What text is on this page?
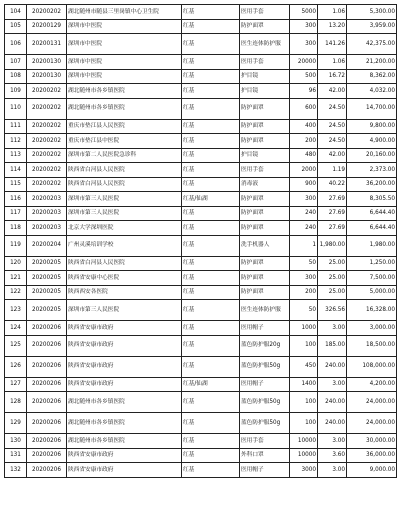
104	20200202	湖北随州市随县三里岗镇中心卫生院	红基	医用手套	5000	1.06	5,300.00
105	20200129	深圳市中医院	红基	防护面罩	300	13.20	3,959.00
106	20200131	深圳市中医院	红基	医生连体防护服	300	141.26	42,375.00
107	20200130	深圳市中医院	红基	医用手套	20000	1.06	21,200.00
108	20200130	深圳市中医院	红基	护目镜	500	16.72	8,362.00
109	20200202	湖北随州市各乡镇医院	红基	护目镜	96	42.00	4,032.00
110	20200202	湖北随州市各乡镇医院	红基	防护面罩	600	24.50	14,700.00
111	20200202	重庆市垫江县人民医院	红基	防护面罩	400	24.50	9,800.00
112	20200202	重庆市垫江县中医院	红基	防护面罩	200	24.50	4,900.00
113	20200202	深圳市第二人民医院急诊科	红基	护目镜	480	42.00	20,160.00
114	20200202	陕西省白河县人民医院	红基	医用手套	2000	1.19	2,373.00
115	20200202	陕西省白河县人民医院	红基	消毒液	900	40.22	36,200.00
116	20200203	深圳市第三人民医院	红基/仙湖	防护面罩	300	27.69	8,305.50
117	20200203	深圳市第三人民医院	红基	防护面罩	240	27.69	6,644.40
118	20200203	北京大学深圳医院	红基	防护面罩	240	27.69	6,644.40
119	20200204	广州灵溪培训学校	红基	洗手机器人	1	1,980.00	1,980.00
120	20200205	陕西省白河县人民医院	红基	防护面罩	50	25.00	1,250.00
121	20200205	陕西省安康中心医院	红基	防护面罩	300	25.00	7,500.00
122	20200205	陕西西安各医院	红基	防护面罩	200	25.00	5,000.00
123	20200205	深圳市第三人民医院	红基	医生连体防护服	50	326.56	16,328.00
124	20200206	陕西省安康市政府	红基	医用帽子	1000	3.00	3,000.00
125	20200206	陕西省安康市政府	红基	蓝色防护服20g	100	185.00	18,500.00
126	20200206	陕西省安康市政府	红基	蓝色防护服50g	450	240.00	108,000.00
127	20200206	陕西省安康市政府	红基/仙湖	医用帽子	1400	3.00	4,200.00
128	20200206	湖北随州市各乡镇医院	红基	蓝色防护服50g	100	240.00	24,000.00
129	20200206	湖北随州市各乡镇医院	红基	蓝色防护服50g	100	240.00	24,000.00
130	20200206	湖北随州市各乡镇医院	红基	医用手套	10000	3.00	30,000.00
131	20200206	陕西省安康市政府	红基	外科口罩	10000	3.60	36,000.00
132	20200206	陕西省安康市政府	红基	医用帽子	3000	3.00	9,000.00
